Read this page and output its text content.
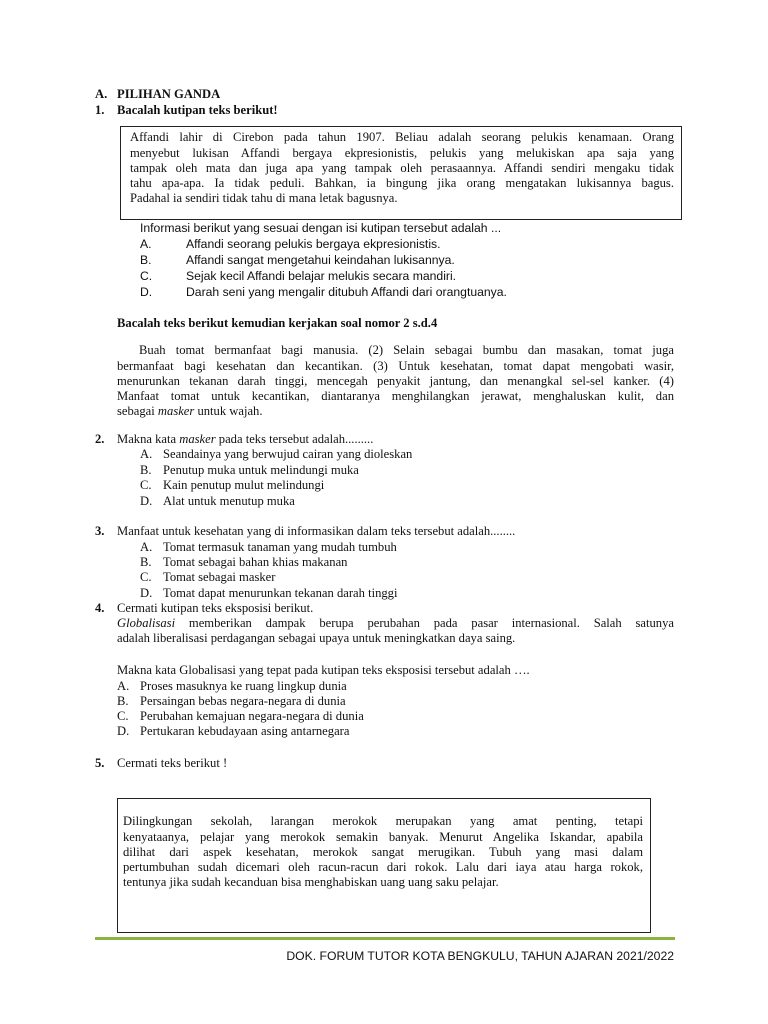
A. PILIHAN GANDA
1. Bacalah kutipan teks berikut!
Affandi lahir di Cirebon pada tahun 1907. Beliau adalah seorang pelukis kenamaan. Orang
menyebut lukisan Affandi bergaya ekpresionistis, pelukis yang melukiskan apa saja yang
tampak oleh mata dan juga apa yang tampak oleh perasaannya. Affandi sendiri mengaku tidak
tahu apa-apa. Ia tidak peduli. Bahkan, ia bingung jika orang mengatakan lukisannya bagus.
Padahal ia sendiri tidak tahu di mana letak bagusnya.
Informasi berikut yang sesuai dengan isi kutipan tersebut adalah ...
A.	Affandi seorang pelukis bergaya ekpresionistis.
B.	Affandi sangat mengetahui keindahan lukisannya.
C.	Sejak kecil Affandi belajar melukis secara mandiri.
D.	Darah seni yang mengalir ditubuh Affandi dari orangtuanya.
Bacalah teks berikut kemudian kerjakan soal nomor 2 s.d.4
Buah tomat bermanfaat bagi manusia. (2) Selain sebagai bumbu dan masakan, tomat juga
bermanfaat bagi kesehatan dan kecantikan. (3) Untuk kesehatan, tomat dapat mengobati wasir,
menurunkan tekanan darah tinggi, mencegah penyakit jantung, dan menangkal sel-sel kanker. (4)
Manfaat tomat untuk kecantikan, diantaranya menghilangkan jerawat, menghaluskan kulit, dan
sebagai masker untuk wajah.
2. Makna kata masker pada teks tersebut adalah.........
A. Seandainya yang berwujud cairan yang dioleskan
B. Penutup muka untuk melindungi muka
C. Kain penutup mulut melindungi
D. Alat untuk menutup muka
3. Manfaat untuk kesehatan yang di informasikan dalam teks tersebut adalah........
A. Tomat termasuk tanaman yang mudah tumbuh
B. Tomat sebagai bahan khias makanan
C. Tomat sebagai masker
D. Tomat dapat menurunkan tekanan darah tinggi
4. Cermati kutipan teks eksposisi berikut.
Globalisasi memberikan dampak berupa perubahan pada pasar internasional. Salah satunya
adalah liberalisasi perdagangan sebagai upaya untuk meningkatkan daya saing.
Makna kata Globalisasi yang tepat pada kutipan teks eksposisi tersebut adalah ….
A. Proses masuknya ke ruang lingkup dunia
B. Persaingan bebas negara-negara di dunia
C. Perubahan kemajuan negara-negara di dunia
D. Pertukaran kebudayaan asing antarnegara
5. Cermati teks berikut !
Dilingkungan sekolah, larangan merokok merupakan yang amat penting, tetapi
kenyataanya, pelajar yang merokok semakin banyak. Menurut Angelika Iskandar, apabila
dilihat dari aspek kesehatan, merokok sangat merugikan. Tubuh yang masi dalam
pertumbuhan sudah dicemari oleh racun-racun dari rokok. Lalu dari iaya atau harga rokok,
tentunya jika sudah kecanduan bisa menghabiskan uang uang saku pelajar.
DOK. FORUM TUTOR KOTA BENGKULU, TAHUN AJARAN 2021/2022
